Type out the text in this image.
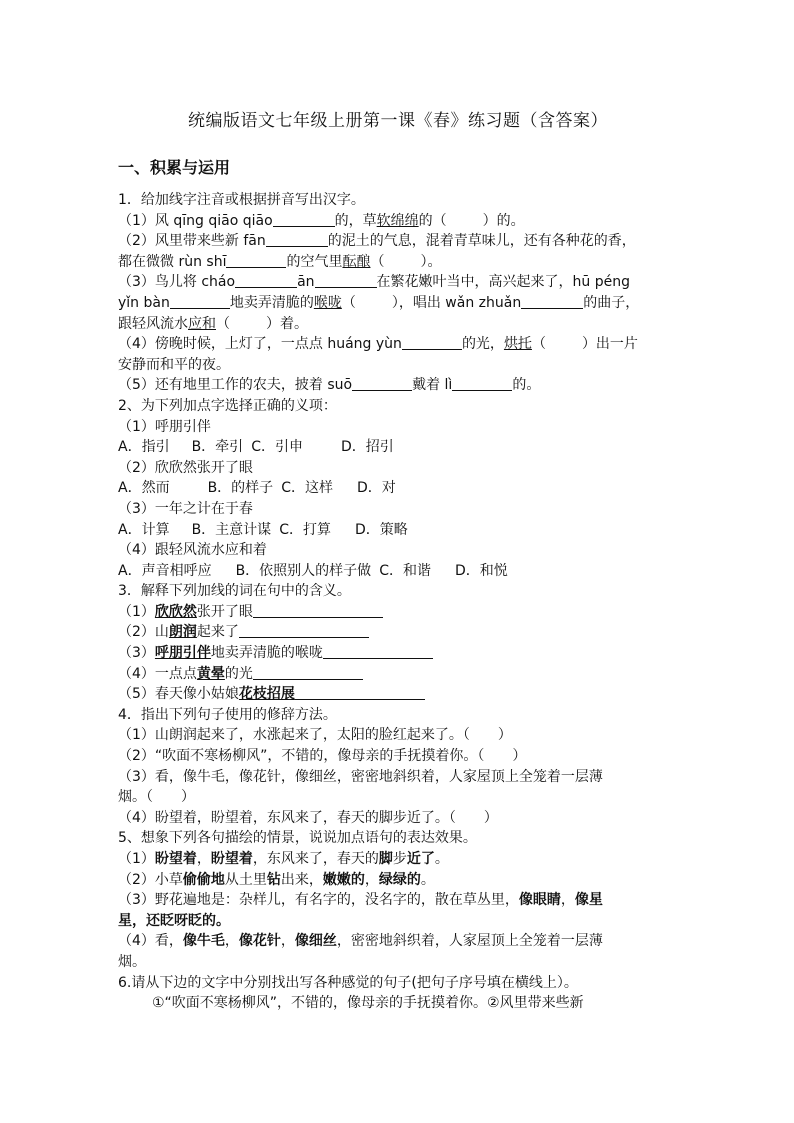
统编版语文七年级上册第一课《春》练习题（含答案）
一、积累与运用
1．给加线字注音或根据拼音写出汉字。
（1）风 qīng qiāo qiāo	的，草软绵绵的（	）的。
（2）风里带来些新 fān	的泥土的气息，混着青草味儿，还有各种花的香，
都在微微 rùn shī	的空气里酝酿（	）。
（3）鸟儿将 cháo	ān	在繁花嫩叶当中，高兴起来了，hū péng
yǐn bàn	地卖弄清脆的喉咙（	），唱出 wǎn zhuǎn	的曲子，
跟轻风流水应和（	）着。
（4）傍晚时候，上灯了，一点点 huáng yùn	的光，烘托（	）出一片
安静而和平的夜。
（5）还有地里工作的农夫，披着 suō	戴着 lì	的。
2、为下列加点字选择正确的义项：
（1）呼朋引伴
A．指引 B．牵引 C．引申	D．招引
（2）欣欣然张开了眼
A．然而	B．的样子 C．这样 D．对
（3）一年之计在于春
A．计算 B．主意计谋 C．打算 D．策略
（4）跟轻风流水应和着
A．声音相呼应 B．依照别人的样子做 C．和谐 D．和悦
3．解释下列加线的词在句中的含义。
（1）欣欣然张开了眼
（2）山朗润起来了
（3）呼朋引伴地卖弄清脆的喉咙
（4）一点点黄晕的光
（5）春天像小姑娘花枝招展
4．指出下列句子使用的修辞方法。
（1）山朗润起来了，水涨起来了，太阳的脸红起来了。（　　）
（2）“吹面不寒杨柳风”，不错的，像母亲的手抚摸着你。（　　）
（3）看，像牛毛，像花针，像细丝，密密地斜织着，人家屋顶上全笼着一层薄
烟。（　　）
（4）盼望着，盼望着，东风来了，春天的脚步近了。（　　）
5、想象下列各句描绘的情景，说说加点语句的表达效果。
（1）盼望着，盼望着，东风来了，春天的脚步近了。
（2）小草偷偷地从土里钻出来，嫩嫩的，绿绿的。
（3）野花遍地是：杂样儿，有名字的，没名字的，散在草丛里，像眼睛，像星
星，还眨呀眨的。
（4）看，像牛毛，像花针，像细丝，密密地斜织着，人家屋顶上全笼着一层薄
烟。
6.请从下边的文字中分别找出写各种感觉的句子(把句子序号填在横线上）。
①“吹面不寒杨柳风”，不错的，像母亲的手抚摸着你。②风里带来些新
